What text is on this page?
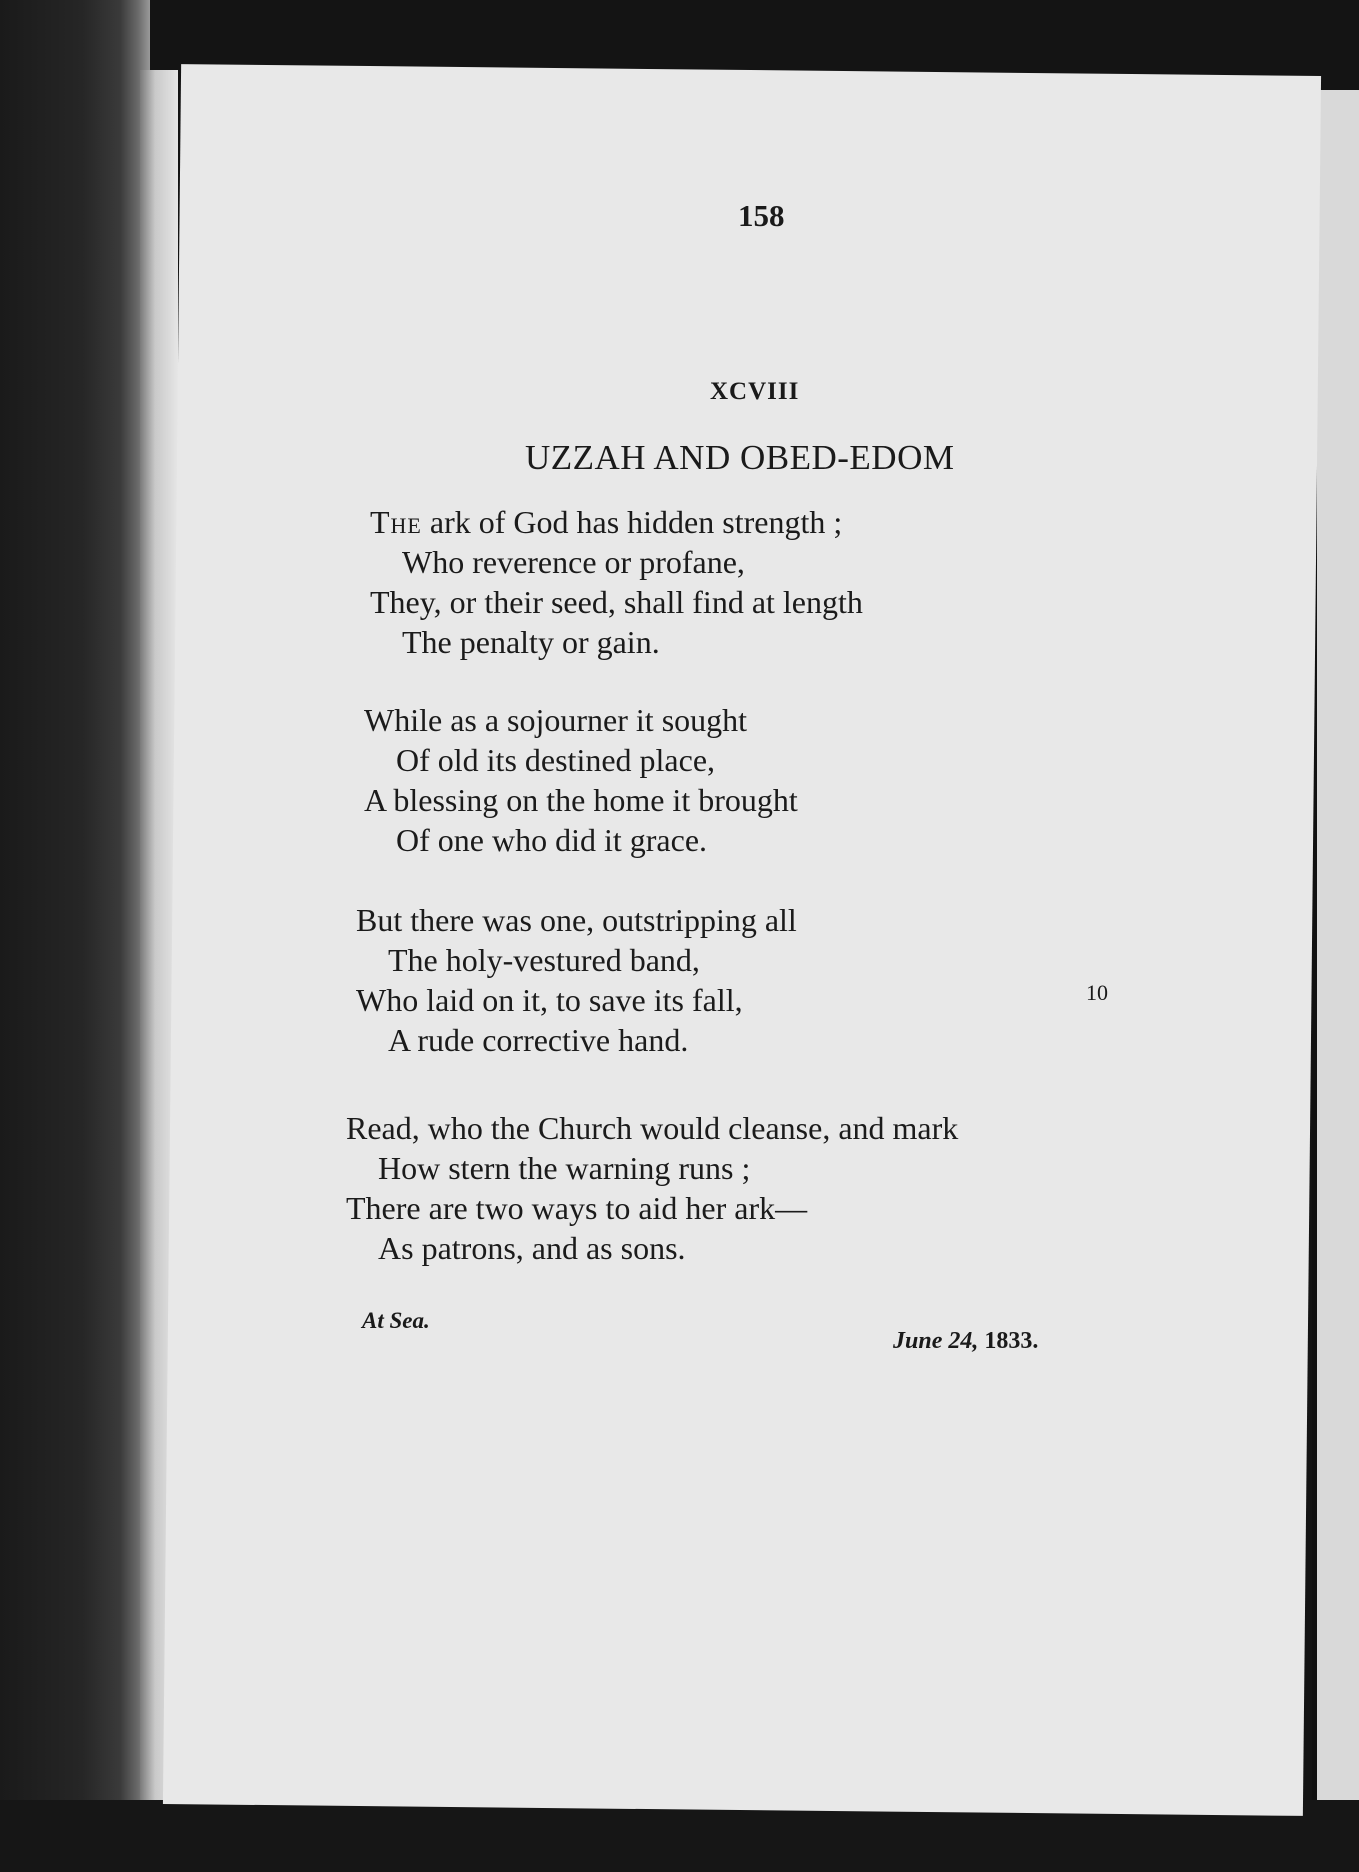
158
XCVIII
UZZAH AND OBED-EDOM
The ark of God has hidden strength ;
Who reverence or profane,
They, or their seed, shall find at length
The penalty or gain.
While as a sojourner it sought
Of old its destined place,
A blessing on the home it brought
Of one who did it grace.
But there was one, outstripping all
The holy-vestured band,
Who laid on it, to save its fall,
A rude corrective hand.
Read, who the Church would cleanse, and mark
How stern the warning runs ;
There are two ways to aid her ark—
As patrons, and as sons.
10
At Sea.
June 24, 1833.
